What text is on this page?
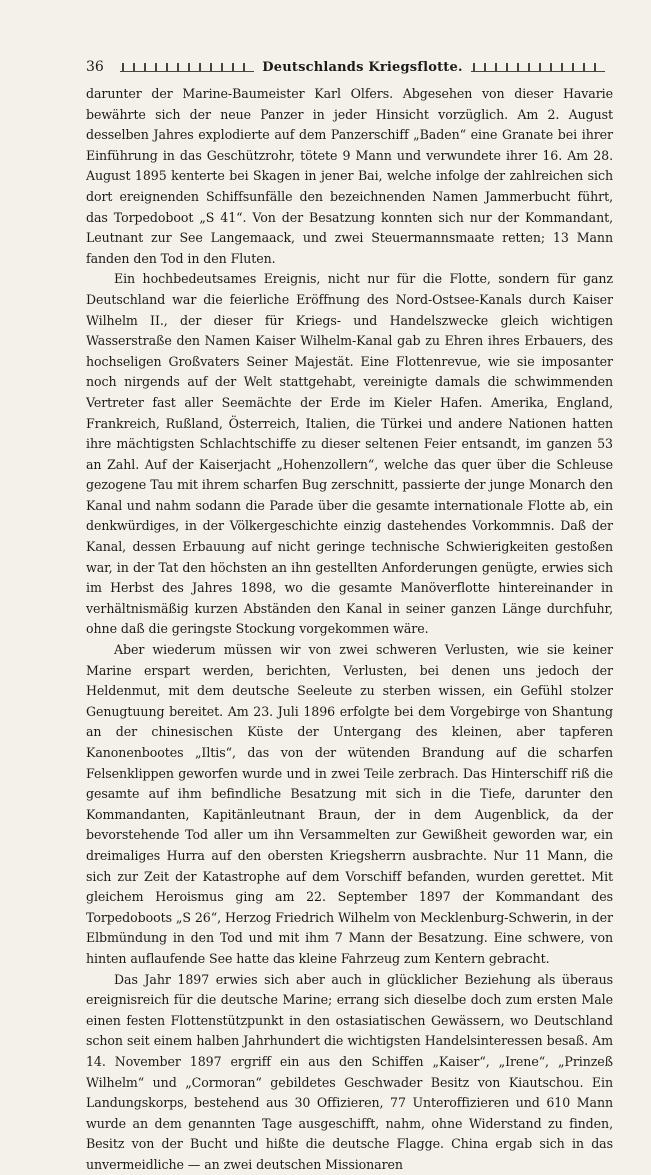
36	Deutschlands Kriegsflotte.

darunter der Marine-Baumeister Karl Olfers. Abgesehen von dieser Havarie bewährte sich der neue Panzer in jeder Hinsicht vorzüglich. Am 2. August desselben Jahres explodierte auf dem Panzerschiff „Baden“ eine Granate bei ihrer Einführung in das Geschützrohr, tötete 9 Mann und verwundete ihrer 16. Am 28. August 1895 kenterte bei Skagen in jener Bai, welche infolge der zahlreichen sich dort ereignenden Schiffsunfälle den bezeichnenden Namen Jammerbucht führt, das Torpedoboot „S 41“. Von der Besatzung konnten sich nur der Kommandant, Leutnant zur See Langemaack, und zwei Steuermannsmaate retten; 13 Mann fanden den Tod in den Fluten.

Ein hochbedeutsames Ereignis, nicht nur für die Flotte, sondern für ganz Deutschland war die feierliche Eröffnung des Nord-Ostsee-Kanals durch Kaiser Wilhelm II., der dieser für Kriegs- und Handelszwecke gleich wichtigen Wasserstraße den Namen Kaiser Wilhelm-Kanal gab zu Ehren ihres Erbauers, des hochseligen Großvaters Seiner Majestät. Eine Flottenrevue, wie sie imposanter noch nirgends auf der Welt stattgehabt, vereinigte damals die schwimmenden Vertreter fast aller Seemächte der Erde im Kieler Hafen. Amerika, England, Frankreich, Rußland, Österreich, Italien, die Türkei und andere Nationen hatten ihre mächtigsten Schlachtschiffe zu dieser seltenen Feier entsandt, im ganzen 53 an Zahl. Auf der Kaiserjacht „Hohenzollern“, welche das quer über die Schleuse gezogene Tau mit ihrem scharfen Bug zerschnitt, passierte der junge Monarch den Kanal und nahm sodann die Parade über die gesamte internationale Flotte ab, ein denkwürdiges, in der Völkergeschichte einzig dastehendes Vorkommnis. Daß der Kanal, dessen Erbauung auf nicht geringe technische Schwierigkeiten gestoßen war, in der Tat den höchsten an ihn gestellten Anforderungen genügte, erwies sich im Herbst des Jahres 1898, wo die gesamte Manöverflotte hintereinander in verhältnismäßig kurzen Abständen den Kanal in seiner ganzen Länge durchfuhr, ohne daß die geringste Stockung vorgekommen wäre.

Aber wiederum müssen wir von zwei schweren Verlusten, wie sie keiner Marine erspart werden, berichten, Verlusten, bei denen uns jedoch der Heldenmut, mit dem deutsche Seeleute zu sterben wissen, ein Gefühl stolzer Genugtuung bereitet. Am 23. Juli 1896 erfolgte bei dem Vorgebirge von Shantung an der chinesischen Küste der Untergang des kleinen, aber tapferen Kanonenbootes „Iltis“, das von der wütenden Brandung auf die scharfen Felsenklippen geworfen wurde und in zwei Teile zerbrach. Das Hinterschiff riß die gesamte auf ihm befindliche Besatzung mit sich in die Tiefe, darunter den Kommandanten, Kapitänleutnant Braun, der in dem Augenblick, da der bevorstehende Tod aller um ihn Versammelten zur Gewißheit geworden war, ein dreimaliges Hurra auf den obersten Kriegsherrn ausbrachte. Nur 11 Mann, die sich zur Zeit der Katastrophe auf dem Vorschiff befanden, wurden gerettet. Mit gleichem Heroismus ging am 22. September 1897 der Kommandant des Torpedoboots „S 26“, Herzog Friedrich Wilhelm von Mecklenburg-Schwerin, in der Elbmündung in den Tod und mit ihm 7 Mann der Besatzung. Eine schwere, von hinten auflaufende See hatte das kleine Fahrzeug zum Kentern gebracht.

Das Jahr 1897 erwies sich aber auch in glücklicher Beziehung als überaus ereignisreich für die deutsche Marine; errang sich dieselbe doch zum ersten Male einen festen Flottenstützpunkt in den ostasiatischen Gewässern, wo Deutschland schon seit einem halben Jahrhundert die wichtigsten Handelsinteressen besaß. Am 14. November 1897 ergriff ein aus den Schiffen „Kaiser“, „Irene“, „Prinzeß Wilhelm“ und „Cormoran“ gebildetes Geschwader Besitz von Kiautschou. Ein Landungskorps, bestehend aus 30 Offizieren, 77 Unteroffizieren und 610 Mann wurde an dem genannten Tage ausgeschifft, nahm, ohne Widerstand zu finden, Besitz von der Bucht und hißte die deutsche Flagge. China ergab sich in das unvermeidliche — an zwei deutschen Missionaren
